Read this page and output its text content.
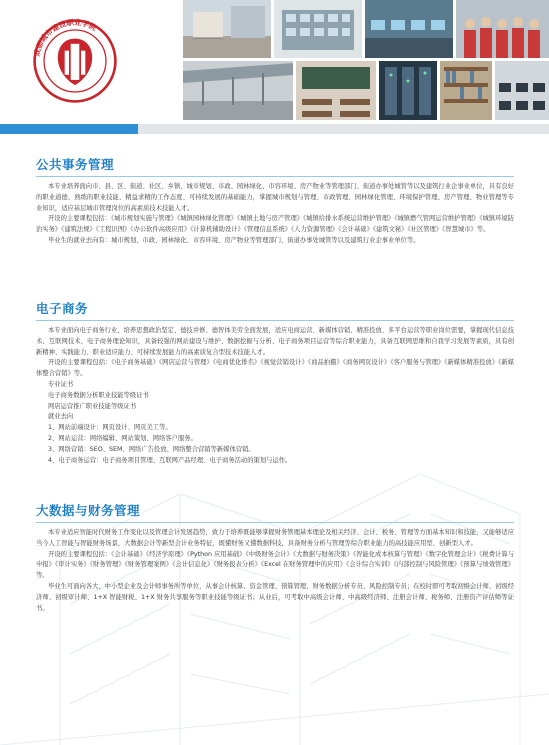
成都城市建设职业学院
公共事务管理

本专业培养面向市、县、区、街道、社区、乡镇，城市规划、市政、园林绿化、市容环境、房产物业等管理部门、街道办事处城管等以及建筑行业企事业单位，具有良好的职业道德、熟练的职业技能、精益求精的工作态度、可持续发展的基础能力，掌握城市规划与管理、市政管理、园林绿化管理、环境保护管理、房产管理、物业管理等专业知识，适应基层城市管理岗位的高素质技术技能人才。

开设的主要课程包括：《城市规划实施与管理》《城镇园林绿化管理》《城镇土地与房产管理》《城镇给排水系统运营维护管理》《城镇燃气管网运营维护管理》《城镇环境防治实务》《建筑法规》《工程识图》《办公软件高级应用》《计算机辅助设计》《管理信息系统》《人力资源管理》《会计基础》《建筑文秘》《社区管理》《智慧城市》等。

毕业生的就业去向有：城市规划、市政、园林绿化、市容环境、房产物业等管理部门、街道办事处城管等以及建筑行业企事业单位等。

电子商务

本专业面向电子商务行业，培养思想政治坚定、德技并修、德智体美劳全面发展，适应电商运营、新媒体营销、精准投放、多平台运营等职业岗位需要，掌握现代信息技术、互联网技术、电子商务理论知识，具备较强的网站建设与维护、数据挖掘与分析、电子商务项目运营等综合职业能力，具备互联网思维和自我学习发展等素质，具有创新精神、实践能力、职业适应能力、可持续发展能力的高素质复合型技术技能人才。

开设的主要课程包括：《电子商务基础》《网店运营与管理》《电商优化排名》《视觉营销设计》《商品拍摄》《商务网页设计》《客户服务与管理》《新媒体精准投放》《新媒体整合营销》等。

专业证书
电子商务数据分析职业技能等级证书
网店运营推广职业技能等级证书
就业去向
1、网站前端设计：网页设计、网页美工等。
2、网站运营：网络编辑、网站策划、网络客户服务。
3、网络营销：SEO、SEM、网络广告投放、网络整合营销等新媒体营销。
4、电子商务运营：电子商务项目管理、互联网产品经理、电子商务活动的策划与运作。
大数据与财务管理

本专业适应智能时代财务工作变化以及管理会计发展趋势，致力于培养既能够掌握财务管理基本理论及相关经济、会计、税务、管理等方面基本知识和技能，又能够适应当今人工智能与智能财务场景，大数据会计等新型会计业务特征，既懂财务又懂数据科技，具备财务分析与管理等综合职业能力的高技能应用型、创新型人才。

开设的主要课程包括：《会计基础》《经济学原理》《Python 应用基础》《中级财务会计》《大数据与财务决策》《智能化成本核算与管理》《数字化管理会计》《税费计算与申报》《审计实务》《财务管理》《财务管理案例》《会计信息化》《财务报表分析》《Excel 在财务管理中的应用》《会计综合实训》《内部控制与风险管理》《预算与绩效管理》等。

毕业生可面向各大、中小型企业及会计师事务所等单位，从事会计核算、资金管理、预算管理、财务数据分析专员、风险控制专员；在校时即可考取初级会计师、初级经济师、初级审计师、1+X 智能财税、1+X 财务共享服务等职业技能等级证书；从业后，可考取中高级会计师、中高级经济师、注册会计师、税务师、注册资产评估师等证书。
